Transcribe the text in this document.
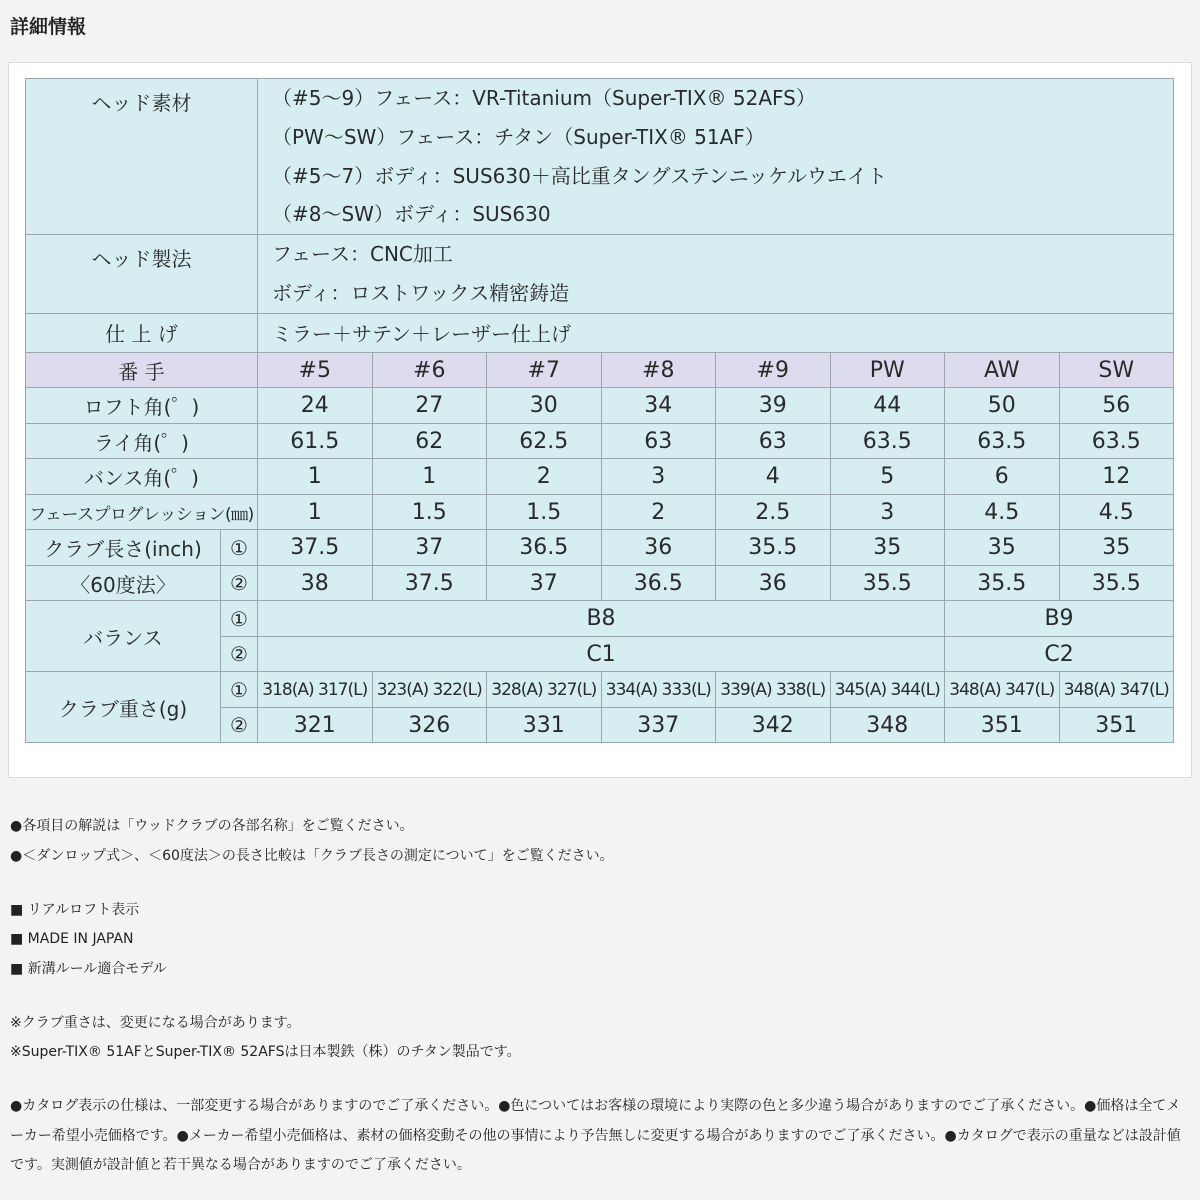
詳細情報
ヘッド素材		（#5～9）フェース：VR-Titanium（Super-TIX® 52AFS）
（PW～SW）フェース：チタン（Super-TIX® 51AF）
（#5～7）ボディ：SUS630＋高比重タングステンニッケルウエイト
（#8～SW）ボディ：SUS630							

ヘッド製法		フェース：CNC加工
ボディ：ロストワックス精密鋳造							

仕 上 げ		ミラー＋サテン＋レーザー仕上げ							
番 手		#5	#6	#7	#8	#9	PW	AW	SW
ロフト角(゜)		24	27	30	34	39	44	50	56
ライ角(゜)		61.5	62	62.5	63	63	63.5	63.5	63.5
バンス角(゜)		1	1	2	3	4	5	6	12
フェースプログレッション(㎜)		1	1.5	1.5	2	2.5	3	4.5	4.5
クラブ長さ(inch)	①	37.5	37	36.5	36	35.5	35	35	35
〈60度法〉	②	38	37.5	37	36.5	36	35.5	35.5	35.5
バランス	①	B8						B9	
	②	C1						C2	
クラブ重さ(g)	①	318(A) 317(L)	323(A) 322(L)	328(A) 327(L)	334(A) 333(L)	339(A) 338(L)	345(A) 344(L)	348(A) 347(L)	348(A) 347(L)
	②	321	326	331	337	342	348	351	351

●各項目の解説は「ウッドクラブの各部名称」をご覧ください。

●＜ダンロップ式＞、＜60度法＞の長さ比較は「クラブ長さの測定について」をご覧ください。

■ リアルロフト表示

■ MADE IN JAPAN

■ 新溝ルール適合モデル

※クラブ重さは、変更になる場合があります。

※Super-TIX® 51AFとSuper-TIX® 52AFSは日本製鉄（株）のチタン製品です。

●カタログ表示の仕様は、一部変更する場合がありますのでご了承ください。●色についてはお客様の環境により実際の色と多少違う場合がありますのでご了承ください。●価格は全てメーカー希望小売価格です。●メーカー希望小売価格は、素材の価格変動その他の事情により予告無しに変更する場合がありますのでご了承ください。●カタログで表示の重量などは設計値です。実測値が設計値と若干異なる場合がありますのでご了承ください。
